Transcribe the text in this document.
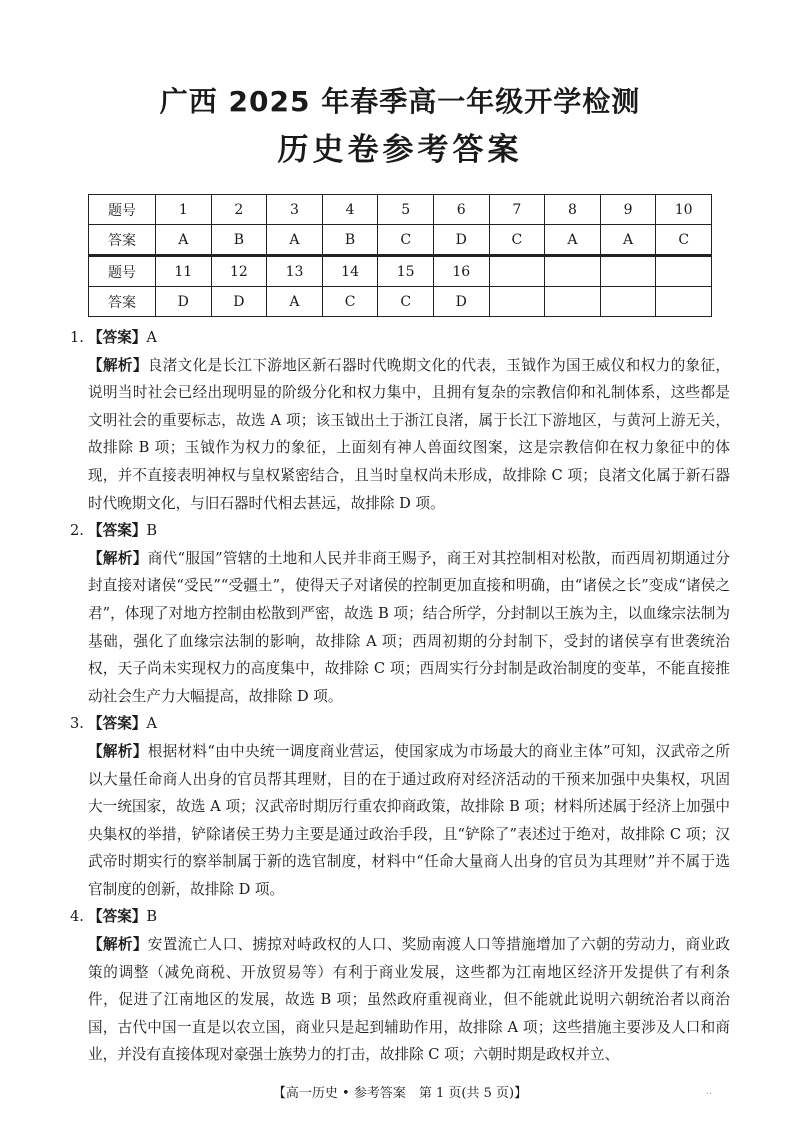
广西 2025 年春季高一年级开学检测
历史卷参考答案
题号	1	2	3	4	5	6	7	8	9	10
答案	A	B	A	B	C	D	C	A	A	C
题号	11	12	13	14	15	16				
答案	D	D	A	C	C	D				

1. 【答案】A

【解析】良渚文化是长江下游地区新石器时代晚期文化的代表，玉钺作为国王威仪和权力的象征，说明当时社会已经出现明显的阶级分化和权力集中，且拥有复杂的宗教信仰和礼制体系，这些都是文明社会的重要标志，故选 A 项；该玉钺出土于浙江良渚，属于长江下游地区，与黄河上游无关，故排除 B 项；玉钺作为权力的象征，上面刻有神人兽面纹图案，这是宗教信仰在权力象征中的体现，并不直接表明神权与皇权紧密结合，且当时皇权尚未形成，故排除 C 项；良渚文化属于新石器时代晚期文化，与旧石器时代相去甚远，故排除 D 项。

2. 【答案】B

【解析】商代“服国”管辖的土地和人民并非商王赐予，商王对其控制相对松散，而西周初期通过分封直接对诸侯“受民”“受疆土”，使得天子对诸侯的控制更加直接和明确，由“诸侯之长”变成“诸侯之君”，体现了对地方控制由松散到严密，故选 B 项；结合所学，分封制以王族为主，以血缘宗法制为基础，强化了血缘宗法制的影响，故排除 A 项；西周初期的分封制下，受封的诸侯享有世袭统治权，天子尚未实现权力的高度集中，故排除 C 项；西周实行分封制是政治制度的变革，不能直接推动社会生产力大幅提高，故排除 D 项。

3. 【答案】A

【解析】根据材料“由中央统一调度商业营运，使国家成为市场最大的商业主体”可知，汉武帝之所以大量任命商人出身的官员帮其理财，目的在于通过政府对经济活动的干预来加强中央集权，巩固大一统国家，故选 A 项；汉武帝时期厉行重农抑商政策，故排除 B 项；材料所述属于经济上加强中央集权的举措，铲除诸侯王势力主要是通过政治手段，且“铲除了”表述过于绝对，故排除 C 项；汉武帝时期实行的察举制属于新的选官制度，材料中“任命大量商人出身的官员为其理财”并不属于选官制度的创新，故排除 D 项。

4. 【答案】B

【解析】安置流亡人口、掳掠对峙政权的人口、奖励南渡人口等措施增加了六朝的劳动力，商业政策的调整（减免商税、开放贸易等）有利于商业发展，这些都为江南地区经济开发提供了有利条件，促进了江南地区的发展，故选 B 项；虽然政府重视商业，但不能就此说明六朝统治者以商治国，古代中国一直是以农立国，商业只是起到辅助作用，故排除 A 项；这些措施主要涉及人口和商业，并没有直接体现对豪强士族势力的打击，故排除 C 项；六朝时期是政权并立、

【高一历史 • 参考答案　第 1 页(共 5 页)】	..
